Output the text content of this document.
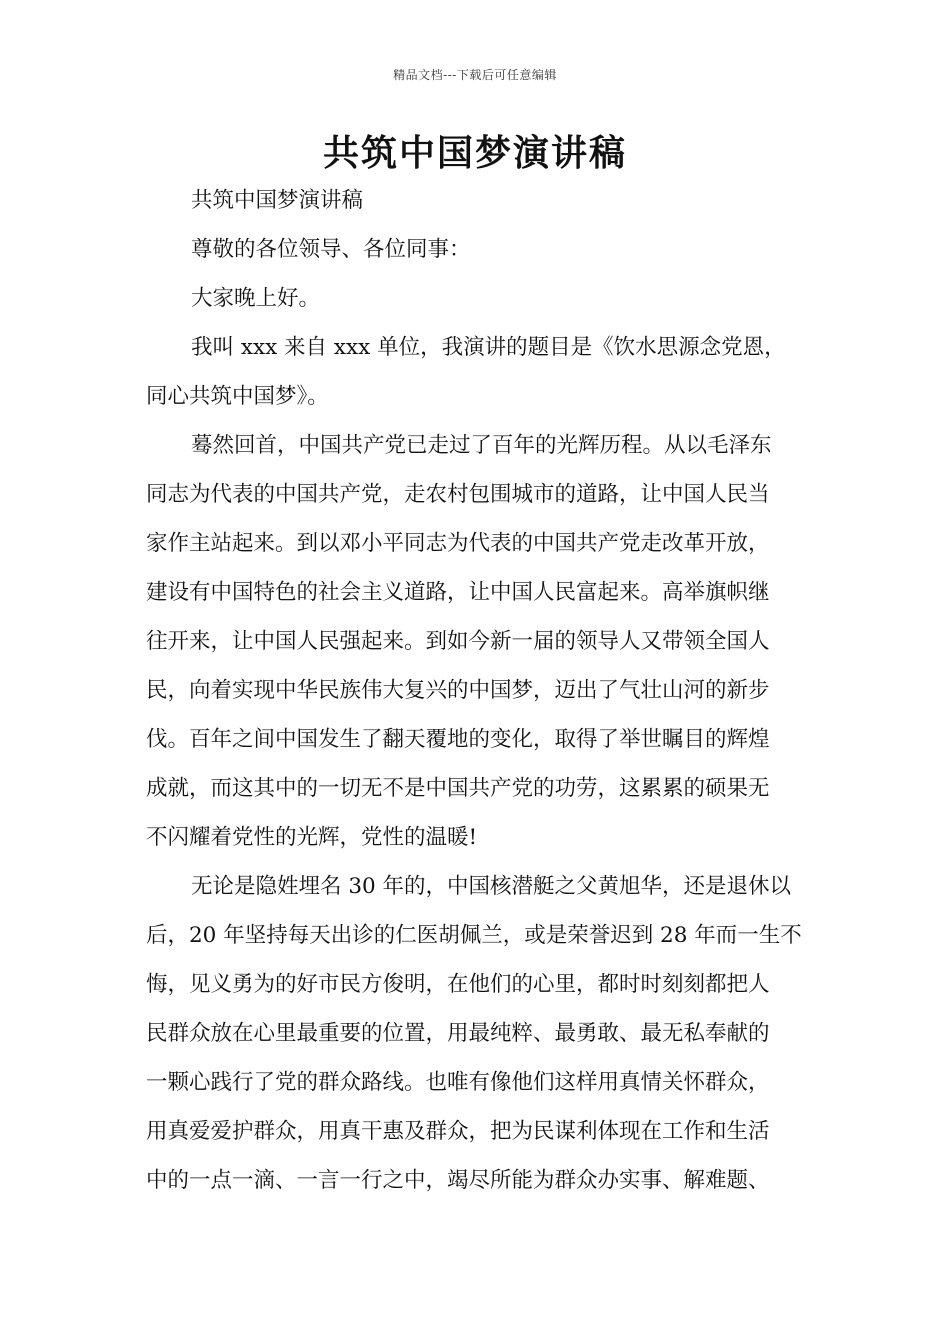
精品文档---下载后可任意编辑
共筑中国梦演讲稿
共筑中国梦演讲稿
尊敬的各位领导、各位同事：
大家晚上好。
我叫 xxx 来自 xxx 单位，我演讲的题目是《饮水思源念党恩，
同心共筑中国梦》。
蓦然回首，中国共产党已走过了百年的光辉历程。从以毛泽东
同志为代表的中国共产党，走农村包围城市的道路，让中国人民当
家作主站起来。到以邓小平同志为代表的中国共产党走改革开放，
建设有中国特色的社会主义道路，让中国人民富起来。高举旗帜继
往开来，让中国人民强起来。到如今新一届的领导人又带领全国人
民，向着实现中华民族伟大复兴的中国梦，迈出了气壮山河的新步
伐。百年之间中国发生了翻天覆地的变化，取得了举世瞩目的辉煌
成就，而这其中的一切无不是中国共产党的功劳，这累累的硕果无
不闪耀着党性的光辉，党性的温暖!
无论是隐姓埋名 30 年的，中国核潜艇之父黄旭华，还是退休以
后，20 年坚持每天出诊的仁医胡佩兰，或是荣誉迟到 28 年而一生不
悔，见义勇为的好市民方俊明，在他们的心里，都时时刻刻都把人
民群众放在心里最重要的位置，用最纯粹、最勇敢、最无私奉献的
一颗心践行了党的群众路线。也唯有像他们这样用真情关怀群众，
用真爱爱护群众，用真干惠及群众，把为民谋利体现在工作和生活
中的一点一滴、一言一行之中，竭尽所能为群众办实事、解难题、
